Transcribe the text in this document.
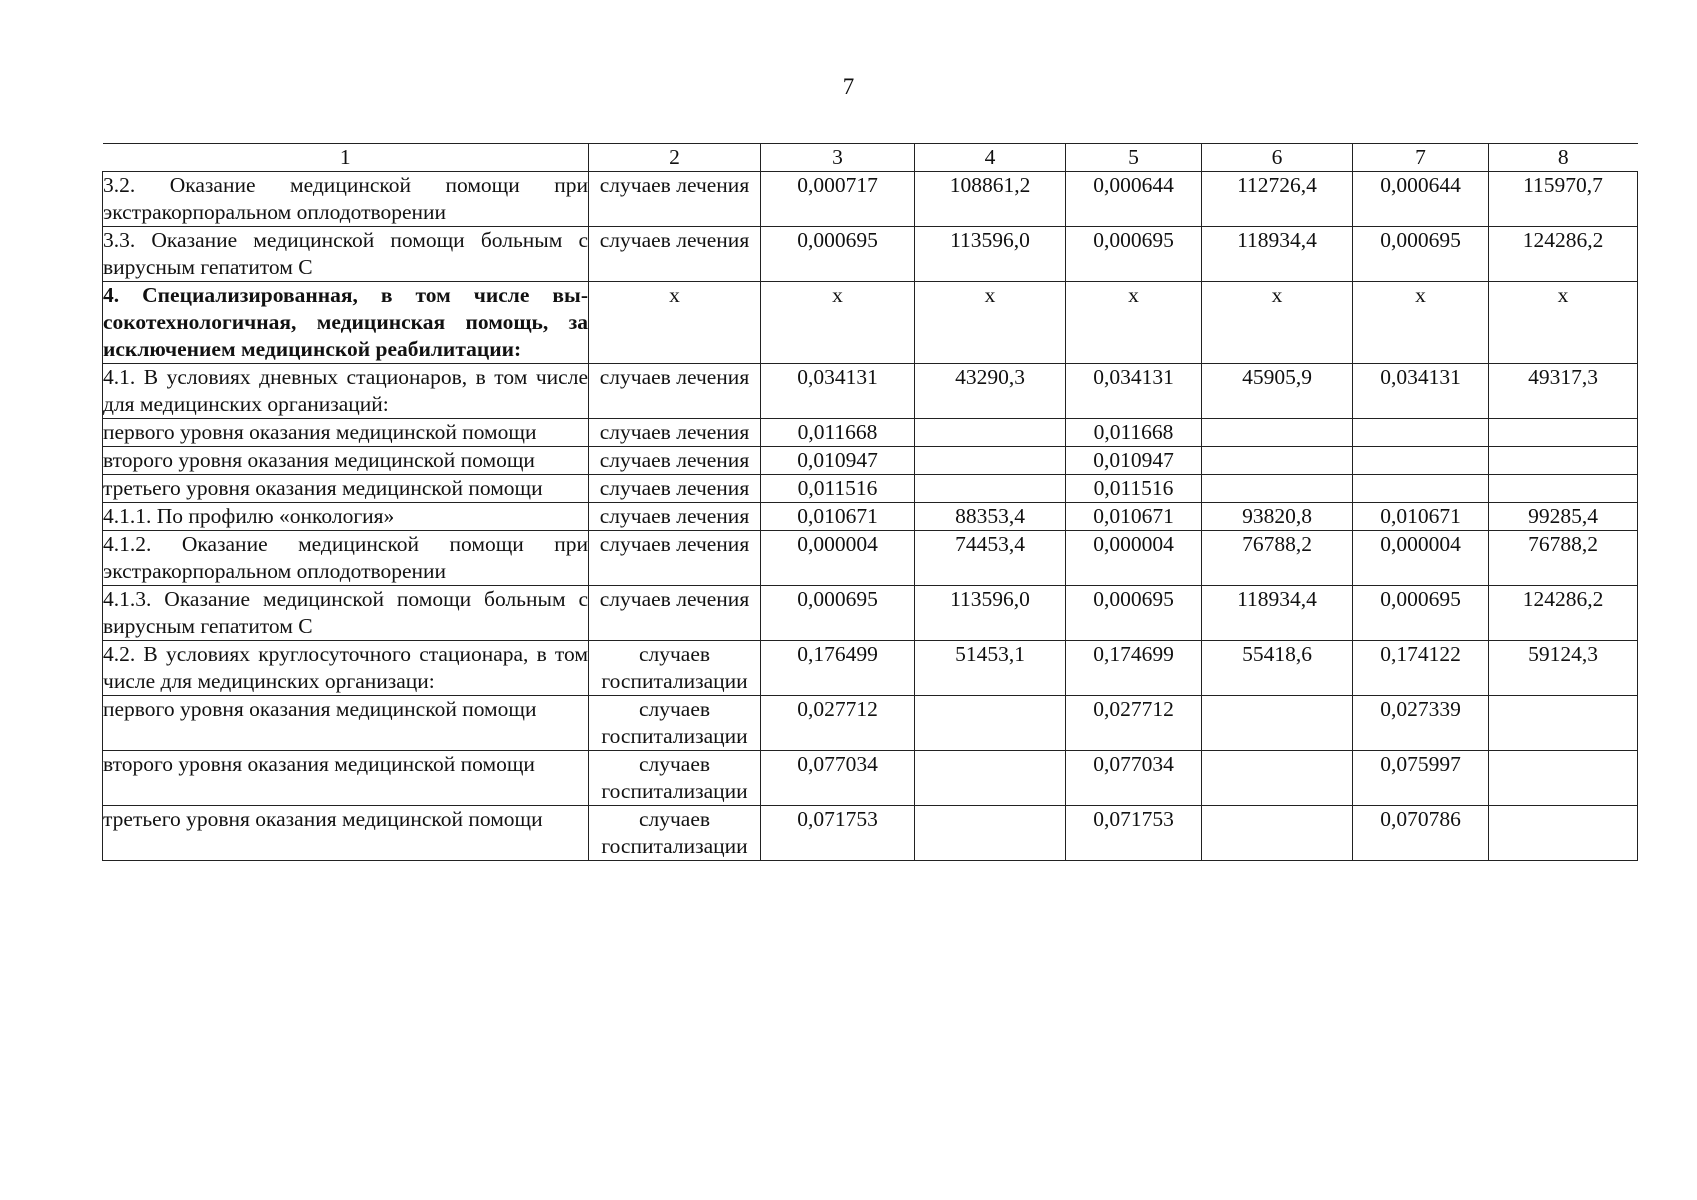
7
1	2	3	4	5	6	7	8
3.2. Оказание медицинской помощи при экстракорпоральном оплодотворении	случаев лечения	0,000717	108861,2	0,000644	112726,4	0,000644	115970,7
3.3. Оказание медицинской помощи больным с вирусным гепатитом С	случаев лечения	0,000695	113596,0	0,000695	118934,4	0,000695	124286,2
4. Специализированная, в том числе высокотехнологичная, медицинская помощь, за исключением медицинской реабилитации:	х	х	х	х	х	х	х
4.1. В условиях дневных стационаров, в том числе для медицинских организаций:	случаев лечения	0,034131	43290,3	0,034131	45905,9	0,034131	49317,3
первого уровня оказания медицинской помощи	случаев лечения	0,011668		0,011668			
второго уровня оказания медицинской помощи	случаев лечения	0,010947		0,010947			
третьего уровня оказания медицинской помощи	случаев лечения	0,011516		0,011516			
4.1.1. По профилю «онкология»	случаев лечения	0,010671	88353,4	0,010671	93820,8	0,010671	99285,4
4.1.2. Оказание медицинской помощи при экстракорпоральном оплодотворении	случаев лечения	0,000004	74453,4	0,000004	76788,2	0,000004	76788,2
4.1.3. Оказание медицинской помощи больным с вирусным гепатитом С	случаев лечения	0,000695	113596,0	0,000695	118934,4	0,000695	124286,2
4.2. В условиях круглосуточного стационара, в том числе для медицинских организаци:	случаев госпитализации	0,176499	51453,1	0,174699	55418,6	0,174122	59124,3
первого уровня оказания медицинской помощи	случаев госпитализации	0,027712		0,027712		0,027339	
второго уровня оказания медицинской помощи	случаев госпитализации	0,077034		0,077034		0,075997	
третьего уровня оказания медицинской помощи	случаев госпитализации	0,071753		0,071753		0,070786	
